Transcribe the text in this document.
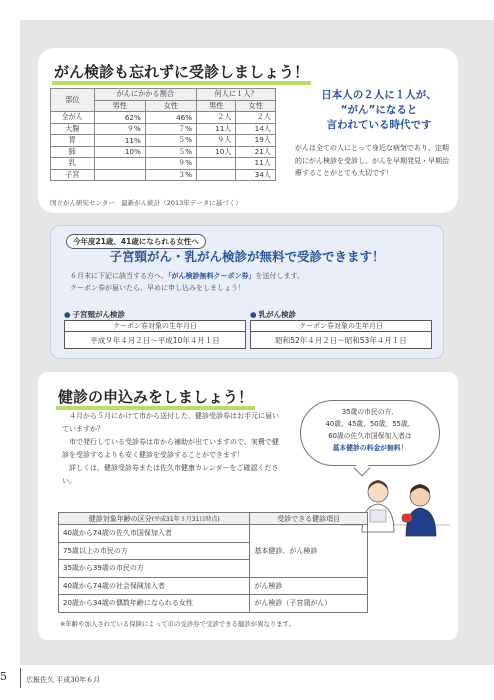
がん検診も忘れずに受診しましょう！
部位	がんにかかる割合		何人に１人？	
	男性	女性	男性	女性
全がん	62%	46%	２人	２人
大腸	９%	７%	11人	14人
胃	11%	５%	９人	19人
肺	10%	５%	10人	21人
乳		９%		11人
子宮		３%		34人
国立がん研究センター　最新がん統計（2013年データに基づく）
日本人の２人に１人が、
“がん”になると
言われている時代です
がんは全ての人にとって身近な病気であり、定期的にがん検診を受診し、がんを早期発見・早期治療することがとても大切です！
今年度21歳、41歳になられる女性へ
子宮頸がん・乳がん検診が無料で受診できます！
６月末に下記に該当する方へ、「がん検診無料クーポン券」を送付します。
クーポン券が届いたら、早めに申し込みをしましょう！
● 子宮頸がん検診
クーポン券対象の生年月日
平成９年４月２日～平成10年４月１日
● 乳がん検診
クーポン券対象の生年月日
昭和52年４月２日～昭和53年４月１日
健診の申込みをしましょう！
４月から５月にかけて市から送付した、健診受診券はお手元に届いていますか？
市で発行している受診券は市から補助が出ていますので、実費で健診を受診するよりも安く健診を受診することができます！
詳しくは、健診受診券または佐久市健康カレンダーをご確認ください。
35歳の市民の方、
40歳、45歳、50歳、55歳、
60歳の佐久市国保加入者は
基本健診の料金が無料！
健診対象年齢の区分(平成31年３月31日時点)	受診できる健診項目
40歳から74歳の佐久市国保加入者	基本健診、がん検診
75歳以上の市民の方	
35歳から39歳の市民の方	
40歳から74歳の社会保険加入者	がん検診
20歳から34歳の偶数年齢になられる女性	がん検診（子宮頸がん）
※年齢や加入されている保険によって市の受診券で受診できる健診が異なります。
5	広報佐久 平成30年６月
